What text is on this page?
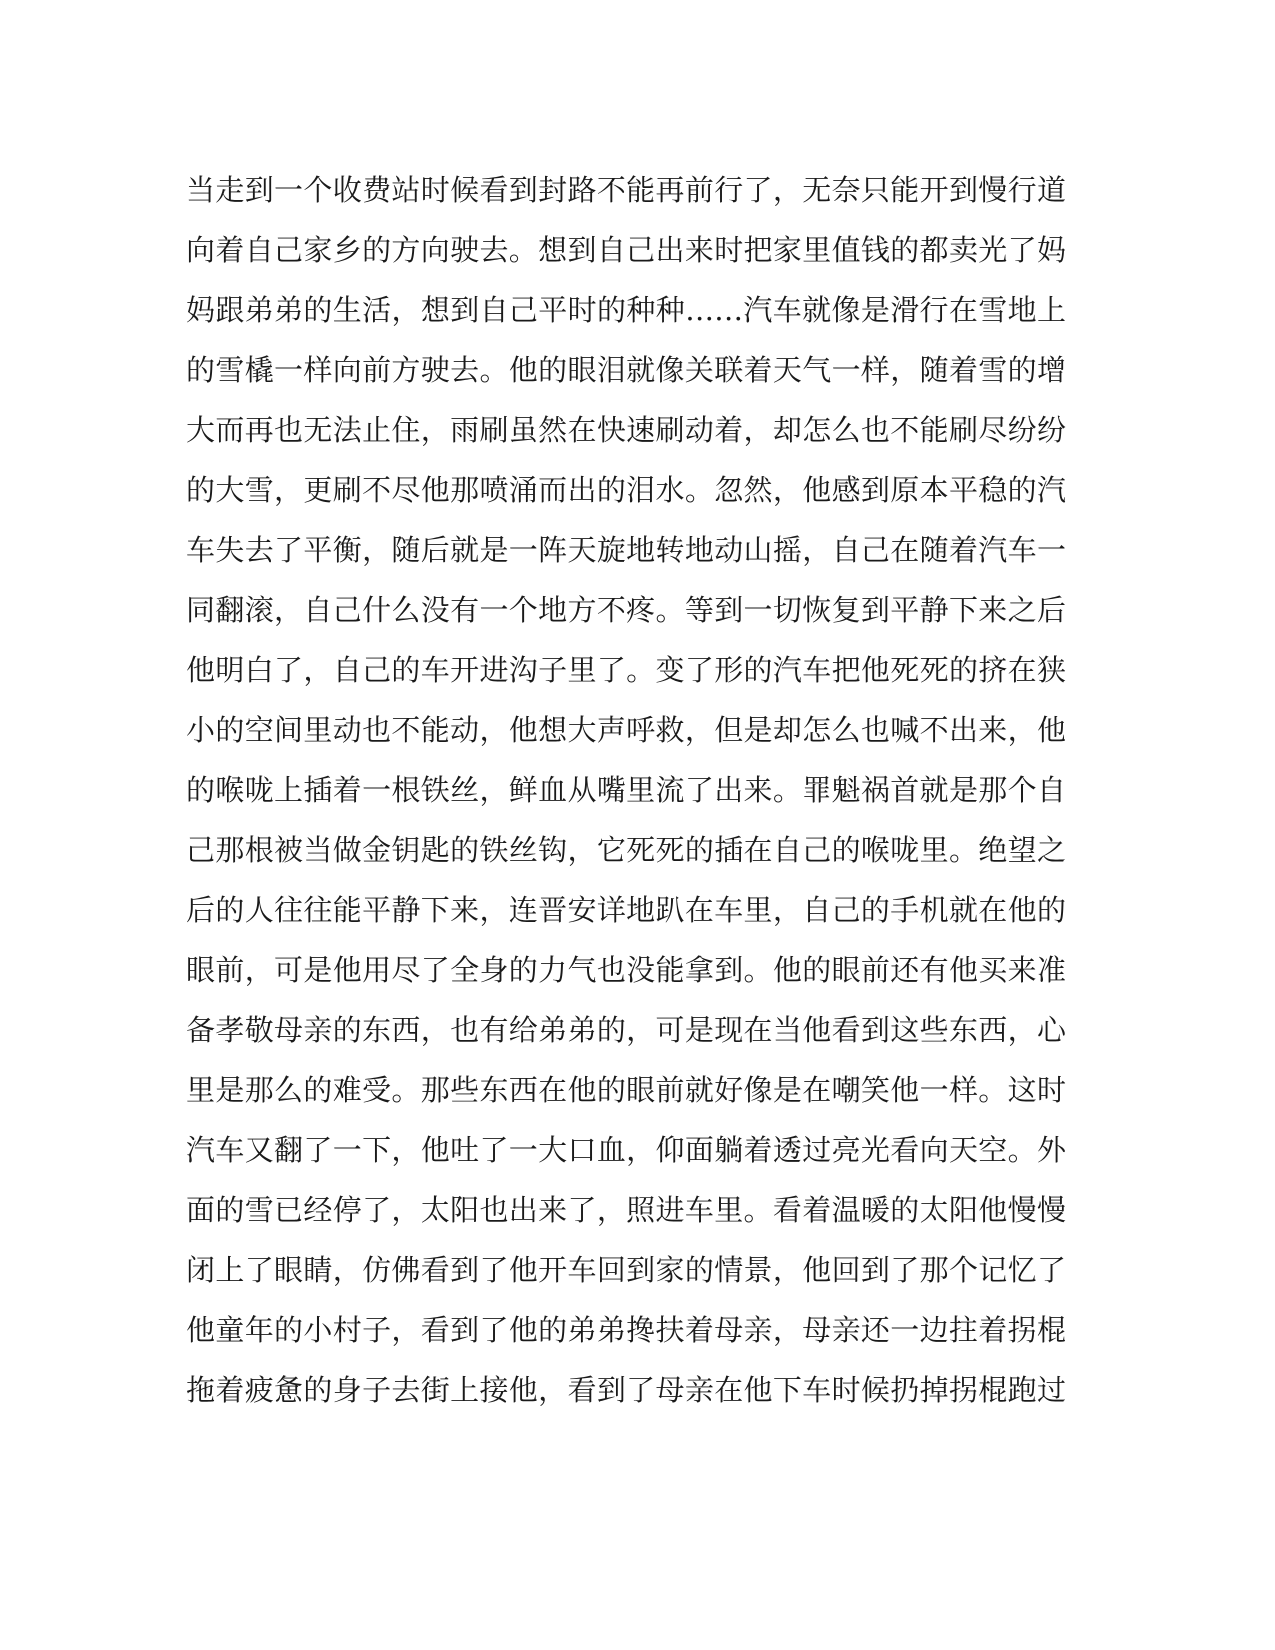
当走到一个收费站时候看到封路不能再前行了，无奈只能开到慢行道
向着自己家乡的方向驶去。想到自己出来时把家里值钱的都卖光了妈
妈跟弟弟的生活，想到自己平时的种种……汽车就像是滑行在雪地上
的雪橇一样向前方驶去。他的眼泪就像关联着天气一样，随着雪的增
大而再也无法止住，雨刷虽然在快速刷动着，却怎么也不能刷尽纷纷
的大雪，更刷不尽他那喷涌而出的泪水。忽然，他感到原本平稳的汽
车失去了平衡，随后就是一阵天旋地转地动山摇，自己在随着汽车一
同翻滚，自己什么没有一个地方不疼。等到一切恢复到平静下来之后
他明白了，自己的车开进沟子里了。变了形的汽车把他死死的挤在狭
小的空间里动也不能动，他想大声呼救，但是却怎么也喊不出来，他
的喉咙上插着一根铁丝，鲜血从嘴里流了出来。罪魁祸首就是那个自
己那根被当做金钥匙的铁丝钩，它死死的插在自己的喉咙里。绝望之
后的人往往能平静下来，连晋安详地趴在车里，自己的手机就在他的
眼前，可是他用尽了全身的力气也没能拿到。他的眼前还有他买来准
备孝敬母亲的东西，也有给弟弟的，可是现在当他看到这些东西，心
里是那么的难受。那些东西在他的眼前就好像是在嘲笑他一样。这时
汽车又翻了一下，他吐了一大口血，仰面躺着透过亮光看向天空。外
面的雪已经停了，太阳也出来了，照进车里。看着温暖的太阳他慢慢
闭上了眼睛，仿佛看到了他开车回到家的情景，他回到了那个记忆了
他童年的小村子，看到了他的弟弟搀扶着母亲，母亲还一边拄着拐棍
拖着疲惫的身子去街上接他，看到了母亲在他下车时候扔掉拐棍跑过
